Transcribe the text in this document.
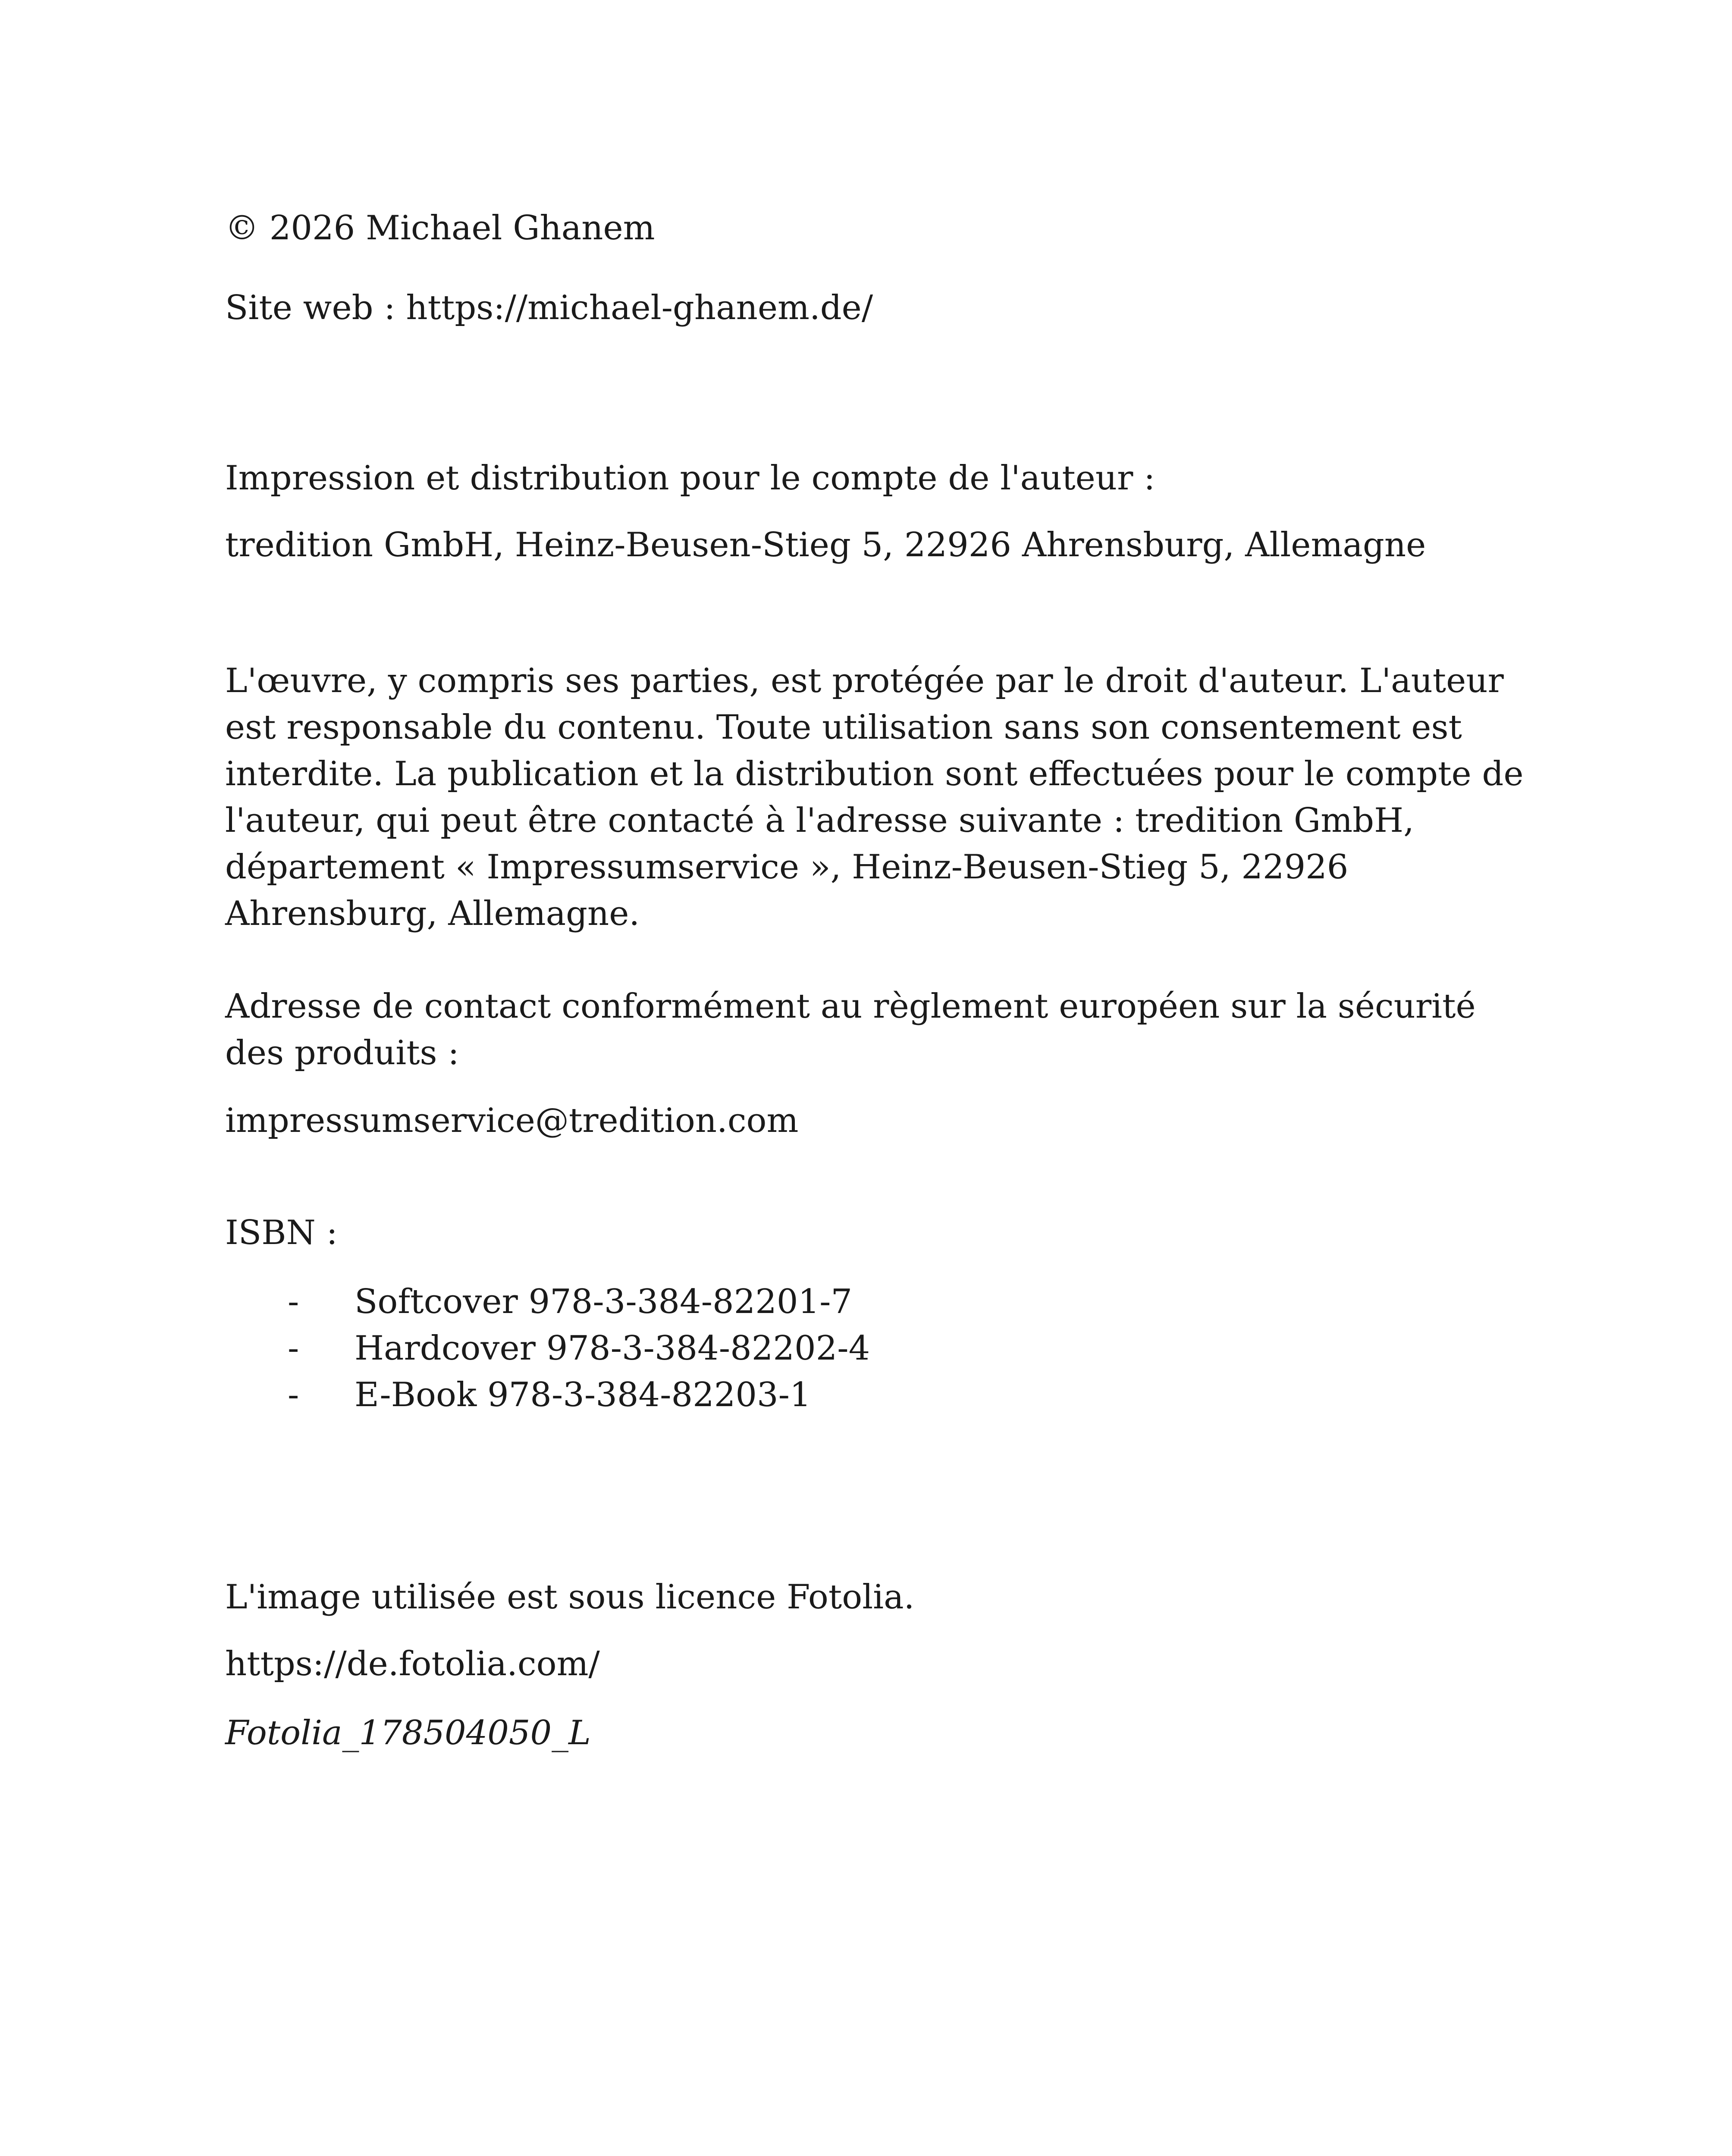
© 2026 Michael Ghanem
Site web : https://michael-ghanem.de/
Impression et distribution pour le compte de l'auteur :
tredition GmbH, Heinz-Beusen-Stieg 5, 22926 Ahrensburg, Allemagne
L'œuvre, y compris ses parties, est protégée par le droit d'auteur. L'auteur
est responsable du contenu. Toute utilisation sans son consentement est
interdite. La publication et la distribution sont effectuées pour le compte de
l'auteur, qui peut être contacté à l'adresse suivante : tredition GmbH,
département « Impressumservice », Heinz-Beusen-Stieg 5, 22926
Ahrensburg, Allemagne.
Adresse de contact conformément au règlement européen sur la sécurité
des produits :
impressumservice@tredition.com
ISBN :
- Softcover 978-3-384-82201-7
- Hardcover 978-3-384-82202-4
- E-Book 978-3-384-82203-1
L'image utilisée est sous licence Fotolia.
https://de.fotolia.com/
Fotolia_178504050_L
